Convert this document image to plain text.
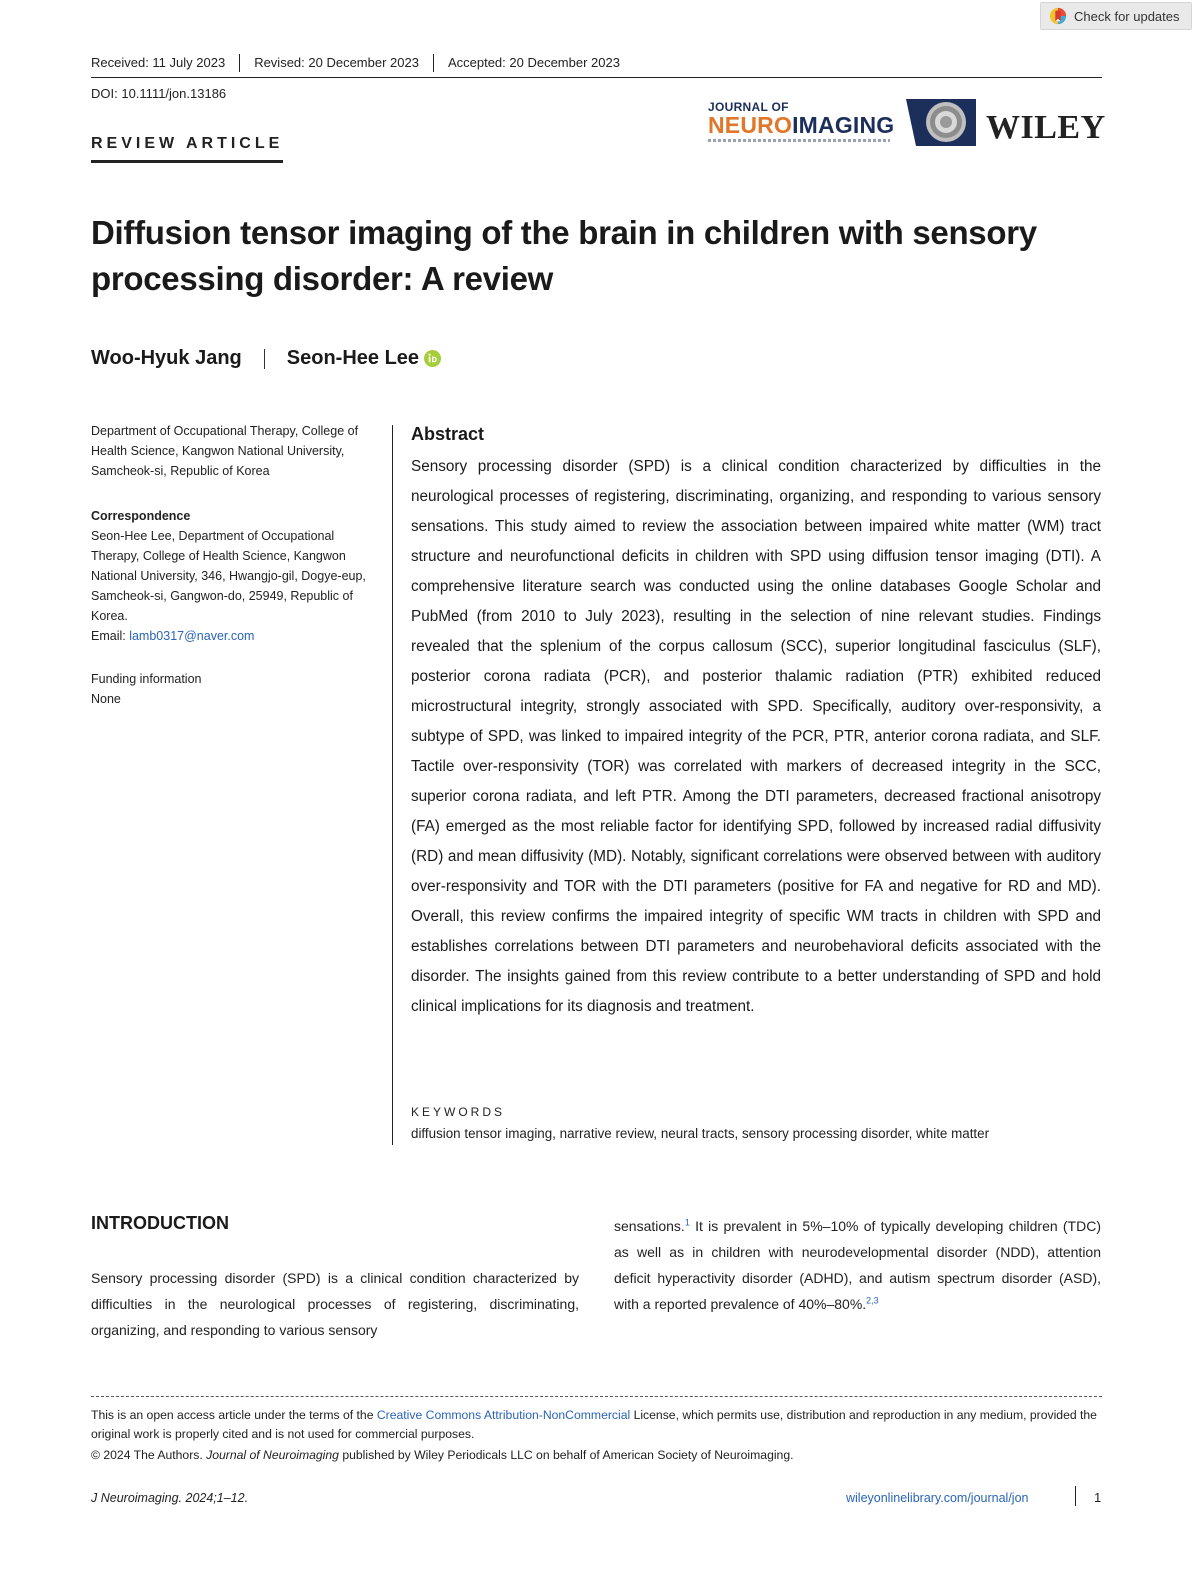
Check for updates
Received: 11 July 2023	Revised: 20 December 2023	Accepted: 20 December 2023
DOI: 10.1111/jon.13186
REVIEW ARTICLE
JOURNAL OF
NEUROIMAGING	WILEY
Diffusion tensor imaging of the brain in children with sensory processing disorder: A review
Woo-Hyuk Jang Seon-Hee Lee
Department of Occupational Therapy, College of Health Science, Kangwon National University, Samcheok-si, Republic of Korea
Correspondence
Seon-Hee Lee, Department of Occupational Therapy, College of Health Science, Kangwon National University, 346, Hwangjo-gil, Dogye-eup, Samcheok-si, Gangwon-do, 25949, Republic of Korea.
Email: lamb0317@naver.com
Funding information
None
Abstract
Sensory processing disorder (SPD) is a clinical condition characterized by difficulties in the neurological processes of registering, discriminating, organizing, and responding to various sensory sensations. This study aimed to review the association between impaired white matter (WM) tract structure and neurofunctional deficits in children with SPD using diffusion tensor imaging (DTI). A comprehensive literature search was conducted using the online databases Google Scholar and PubMed (from 2010 to July 2023), resulting in the selection of nine relevant studies. Findings revealed that the splenium of the corpus callosum (SCC), superior longitudinal fasciculus (SLF), posterior corona radiata (PCR), and posterior thalamic radiation (PTR) exhibited reduced microstructural integrity, strongly associated with SPD. Specifically, auditory over-responsivity, a subtype of SPD, was linked to impaired integrity of the PCR, PTR, anterior corona radiata, and SLF. Tactile over-responsivity (TOR) was correlated with markers of decreased integrity in the SCC, superior corona radiata, and left PTR. Among the DTI parameters, decreased fractional anisotropy (FA) emerged as the most reliable factor for identifying SPD, followed by increased radial diffusivity (RD) and mean diffusivity (MD). Notably, significant correlations were observed between with auditory over-responsivity and TOR with the DTI parameters (positive for FA and negative for RD and MD). Overall, this review confirms the impaired integrity of specific WM tracts in children with SPD and establishes correlations between DTI parameters and neurobehavioral deficits associated with the disorder. The insights gained from this review contribute to a better understanding of SPD and hold clinical implications for its diagnosis and treatment.
KEYWORDS
diffusion tensor imaging, narrative review, neural tracts, sensory processing disorder, white matter
INTRODUCTION
Sensory processing disorder (SPD) is a clinical condition characterized by difficulties in the neurological processes of registering, discriminating, organizing, and responding to various sensory
sensations.$^1$ It is prevalent in 5%–10% of typically developing children (TDC) as well as in children with neurodevelopmental disorder (NDD), attention deficit hyperactivity disorder (ADHD), and autism spectrum disorder (ASD), with a reported prevalence of 40%–80%.$^{2,3}$
This is an open access article under the terms of the Creative Commons Attribution-NonCommercial License, which permits use, distribution and reproduction in any medium, provided the original work is properly cited and is not used for commercial purposes.
© 2024 The Authors. Journal of Neuroimaging published by Wiley Periodicals LLC on behalf of American Society of Neuroimaging.
J Neuroimaging. 2024;1–12.	wileyonlinelibrary.com/journal/jon	1
